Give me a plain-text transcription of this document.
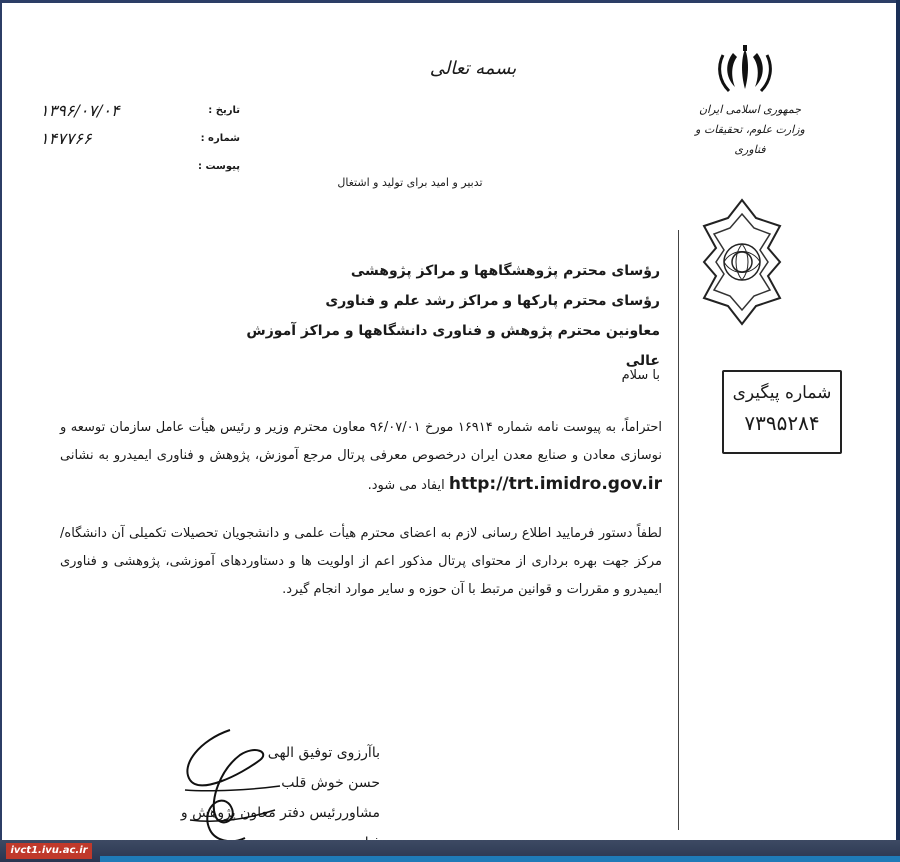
بسمه تعالی
تاریخ :
۱۳۹۶/۰۷/۰۴
شماره :
۱۴۷۷۶۶
پیوست :
جمهوری اسلامی ایران
وزارت علوم، تحقیقات و فناوری
تدبیر و امید برای تولید و اشتغال
رؤسای محترم پژوهشگاهها و مراکز پژوهشی
رؤسای محترم پارکها و مراکز رشد علم و فناوری
معاونین محترم پژوهش و فناوری دانشگاهها و مراکز آموزش عالی
شماره پیگیری
۷۳۹۵۲۸۴
با سلام
احتراماً، به پیوست نامه شماره ۱۶۹۱۴ مورخ ۹۶/۰۷/۰۱ معاون محترم وزیر و رئیس هیأت عامل سازمان توسعه و نوسازی معادن و صنایع معدن ایران درخصوص معرفی پرتال مرجع آموزش، پژوهش و فناوری ایمیدرو به نشانی http://trt.imidro.gov.ir ایفاد می شود.
لطفاً دستور فرمایید اطلاع رسانی لازم به اعضای محترم هیأت علمی و دانشجویان تحصیلات تکمیلی آن دانشگاه/مرکز جهت بهره برداری از محتوای پرتال مذکور اعم از اولویت ها و دستاوردهای آموزشی، پژوهشی و فناوری ایمیدرو و مقررات و قوانین مرتبط با آن حوزه و سایر موارد انجام گیرد.
باآرزوی توفیق الهی
حسن خوش قلب
مشاوررئیس دفتر معاون پژوهش و
ivct1.ivu.ac.ir
